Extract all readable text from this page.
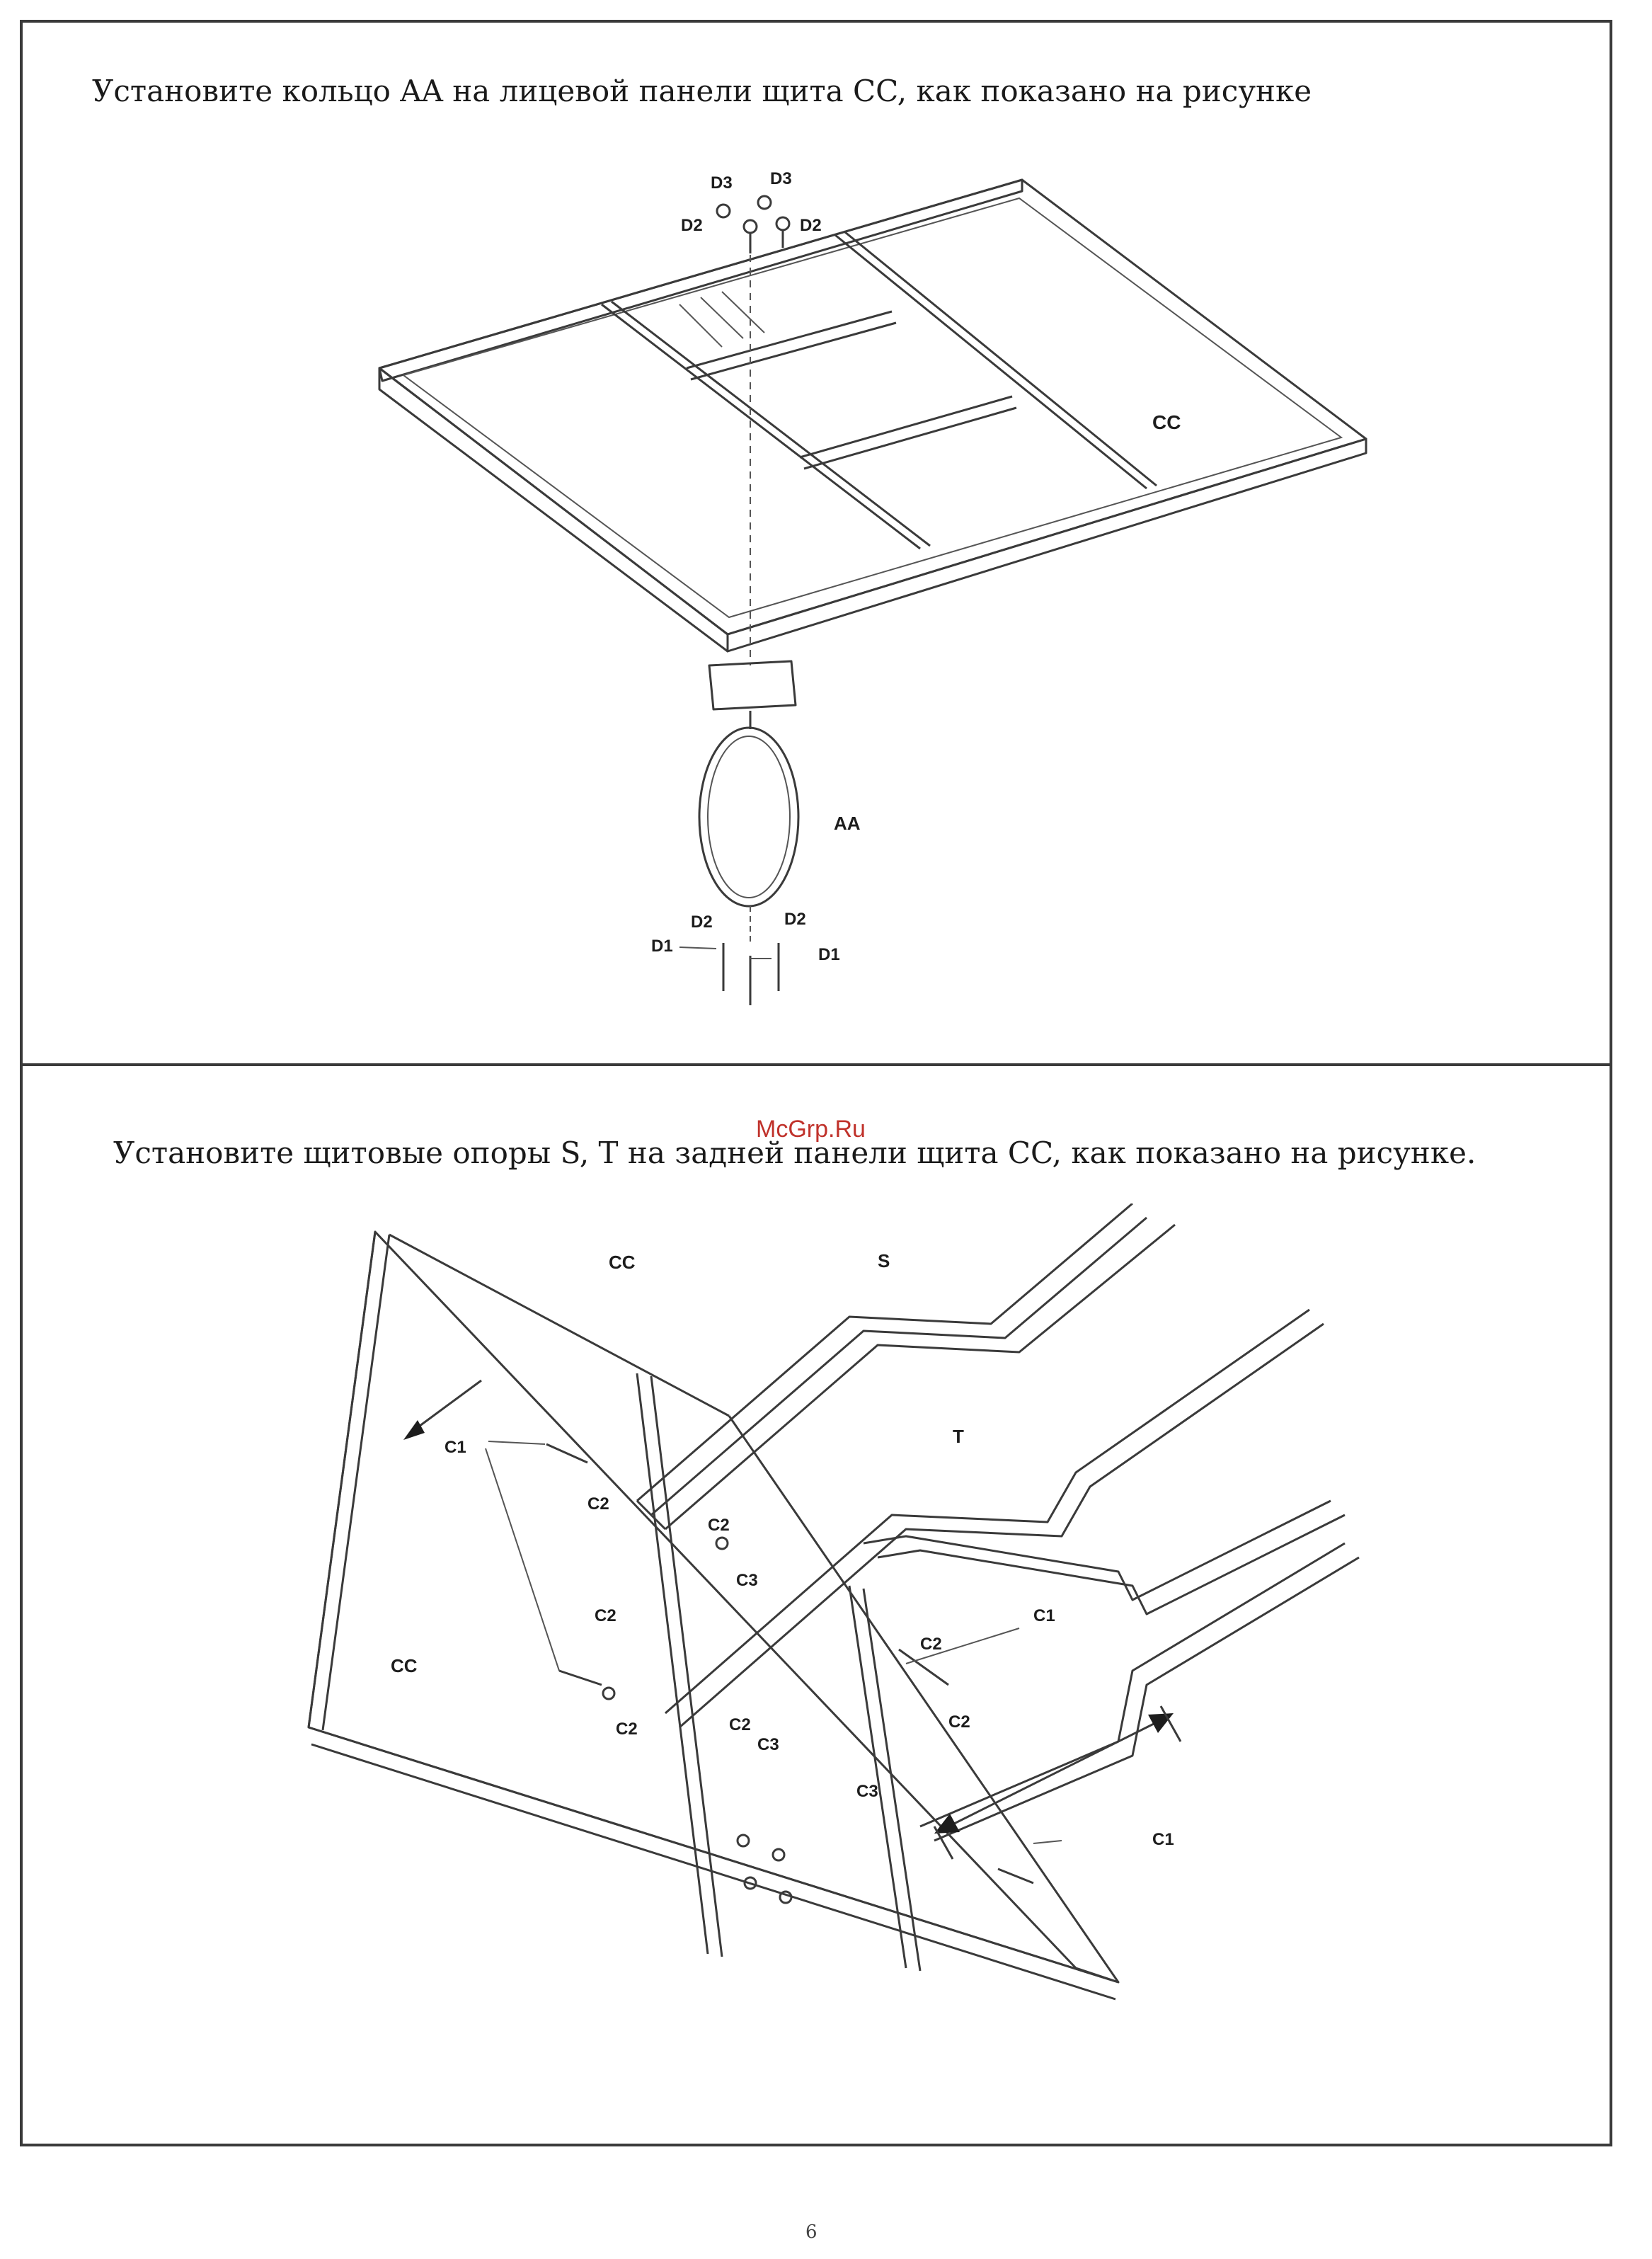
Установите кольцо AA на лицевой панели щита CC, как показано на рисунке
McGrp.Ru
Установите щитовые опоры S, T на задней панели щита CC, как показано на рисунке.
D3 D3
D2	D2
CC
AA
D2	D2
D1	D1
CC	S
T
C1
C2
C2
C3
C2
CC
C1
C2
C2
C2	C2
C3
C3
C1
6
